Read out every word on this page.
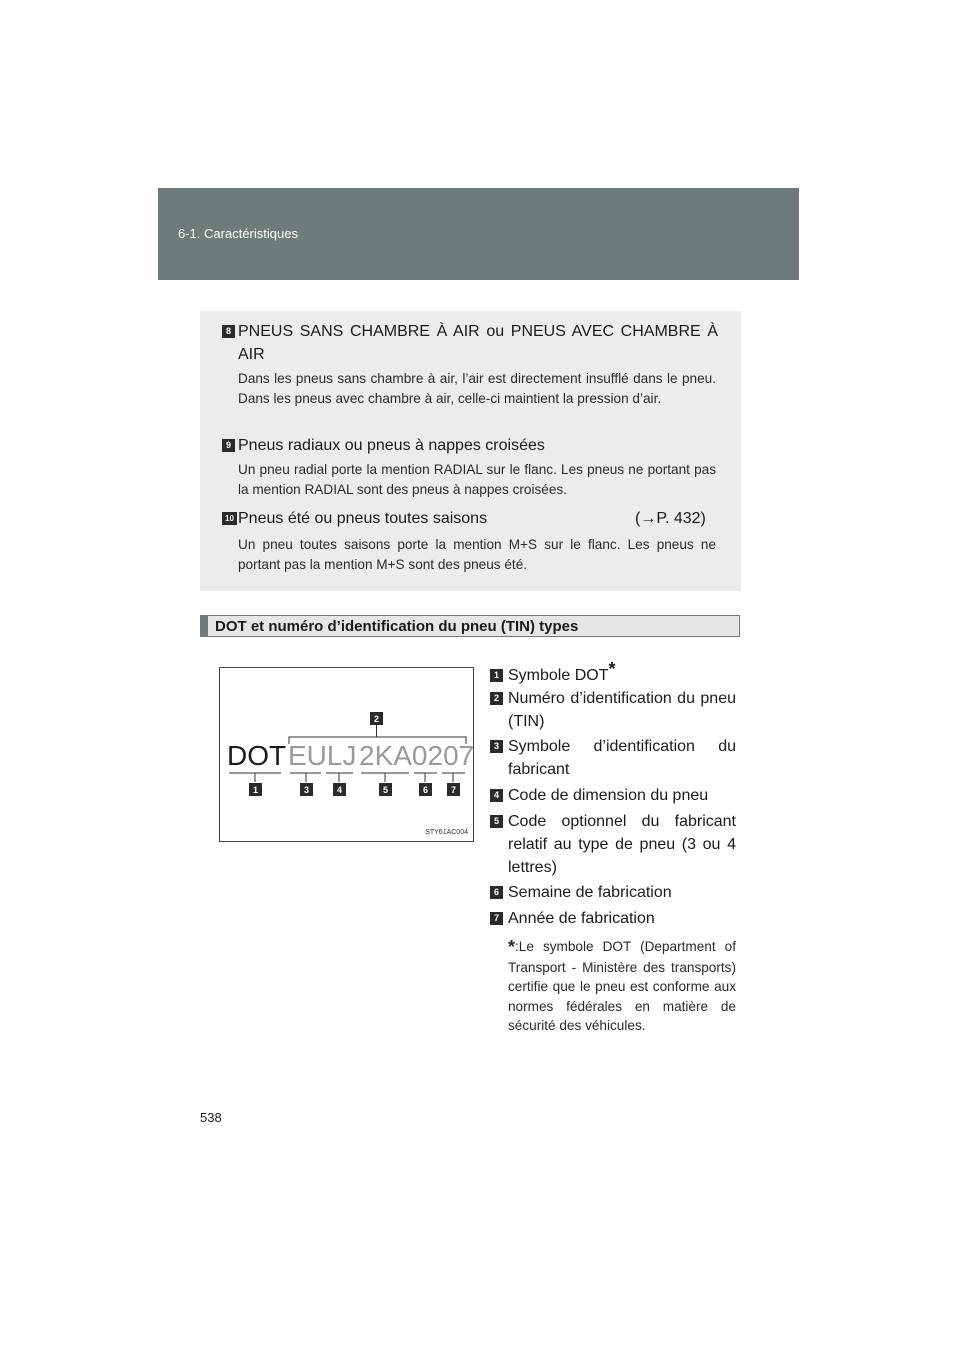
6-1. Caractéristiques
8 PNEUS SANS CHAMBRE À AIR ou PNEUS AVEC CHAMBRE À AIR
Dans les pneus sans chambre à air, l’air est directement insufflé dans le pneu. Dans les pneus avec chambre à air, celle-ci maintient la pression d’air.
9 Pneus radiaux ou pneus à nappes croisées
Un pneu radial porte la mention RADIAL sur le flanc. Les pneus ne portant pas la mention RADIAL sont des pneus à nappes croisées.
10 Pneus été ou pneus toutes saisons	(→P. 432)
Un pneu toutes saisons porte la mention M+S sur le flanc. Les pneus ne portant pas la mention M+S sont des pneus été.
DOT et numéro d’identification du pneu (TIN) types
2
DOT EULJ 2KA0207
1	3	4	5	6	7
STY61AC004
1 Symbole DOT*
2 Numéro d’identification du pneu (TIN)
3 Symbole d’identification du fabricant
4 Code de dimension du pneu
5 Code optionnel du fabricant relatif au type de pneu (3 ou 4 lettres)
6 Semaine de fabrication
7 Année de fabrication
*:Le symbole DOT (Department of Transport - Ministère des transports) certifie que le pneu est conforme aux normes fédérales en matière de sécurité des véhicules.
538
